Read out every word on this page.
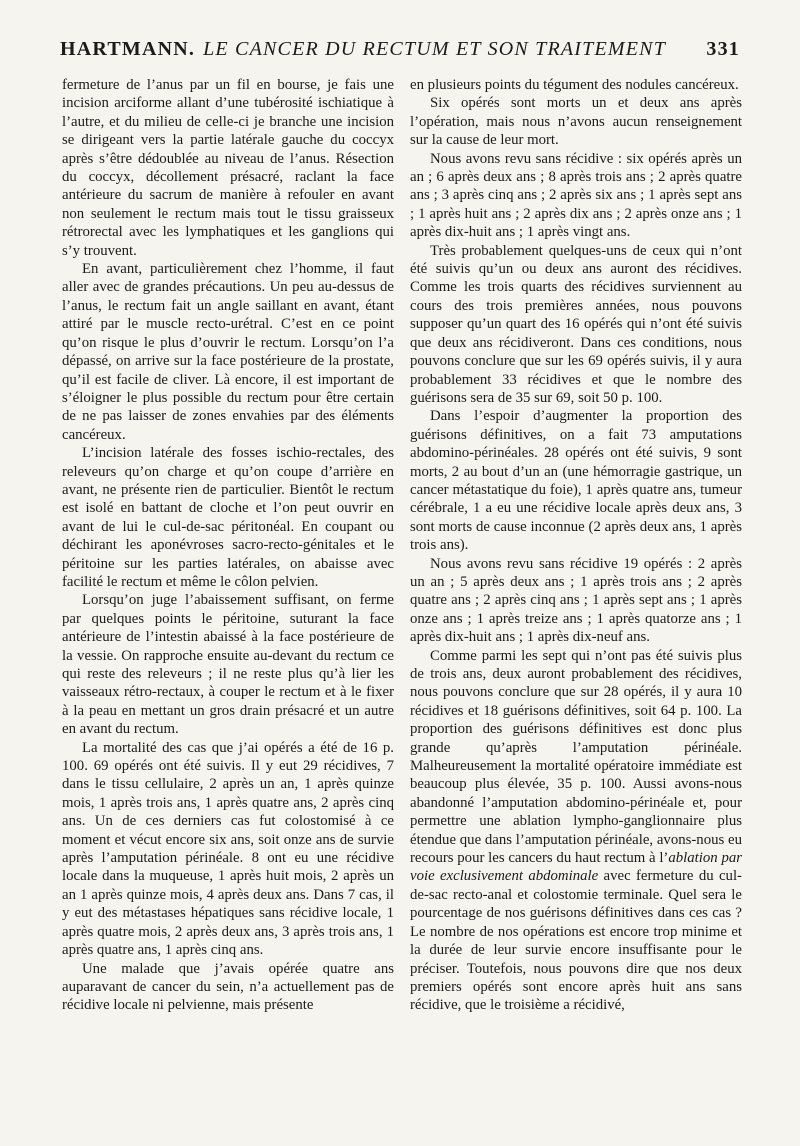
HARTMANN. LE CANCER DU RECTUM ET SON TRAITEMENT 331

fermeture de l’anus par un fil en bourse, je fais une incision arciforme allant d’une tubérosité ischiatique à l’autre, et du milieu de celle-ci je branche une incision se dirigeant vers la partie latérale gauche du coccyx après s’être dédoublée au niveau de l’anus. Résection du coccyx, décollement présacré, raclant la face antérieure du sacrum de manière à refouler en avant non seulement le rectum mais tout le tissu graisseux rétrorectal avec les lymphatiques et les ganglions qui s’y trouvent.

En avant, particulièrement chez l’homme, il faut aller avec de grandes précautions. Un peu au-dessus de l’anus, le rectum fait un angle saillant en avant, étant attiré par le muscle recto-urétral. C’est en ce point qu’on risque le plus d’ouvrir le rectum. Lorsqu’on l’a dépassé, on arrive sur la face postérieure de la prostate, qu’il est facile de cliver. Là encore, il est important de s’éloigner le plus possible du rectum pour être certain de ne pas laisser de zones envahies par des éléments cancéreux.

L’incision latérale des fosses ischio-rectales, des releveurs qu’on charge et qu’on coupe d’arrière en avant, ne présente rien de particulier. Bientôt le rectum est isolé en battant de cloche et l’on peut ouvrir en avant de lui le cul-de-sac péritonéal. En coupant ou déchirant les aponévroses sacro-recto-génitales et le péritoine sur les parties latérales, on abaisse avec facilité le rectum et même le côlon pelvien.

Lorsqu’on juge l’abaissement suffisant, on ferme par quelques points le péritoine, suturant la face antérieure de l’intestin abaissé à la face postérieure de la vessie. On rapproche ensuite au-devant du rectum ce qui reste des releveurs ; il ne reste plus qu’à lier les vaisseaux rétro-rectaux, à couper le rectum et à le fixer à la peau en mettant un gros drain présacré et un autre en avant du rectum.

La mortalité des cas que j’ai opérés a été de 16 p. 100. 69 opérés ont été suivis. Il y eut 29 récidives, 7 dans le tissu cellulaire, 2 après un an, 1 après quinze mois, 1 après trois ans, 1 après quatre ans, 2 après cinq ans. Un de ces derniers cas fut colostomisé à ce moment et vécut encore six ans, soit onze ans de survie après l’amputation périnéale. 8 ont eu une récidive locale dans la muqueuse, 1 après huit mois, 2 après un an 1 après quinze mois, 4 après deux ans. Dans 7 cas, il y eut des métastases hépatiques sans récidive locale, 1 après quatre mois, 2 après deux ans, 3 après trois ans, 1 après quatre ans, 1 après cinq ans.

Une malade que j’avais opérée quatre ans auparavant de cancer du sein, n’a actuellement pas de récidive locale ni pelvienne, mais présente

en plusieurs points du tégument des nodules cancéreux.

Six opérés sont morts un et deux ans après l’opération, mais nous n’avons aucun renseignement sur la cause de leur mort.

Nous avons revu sans récidive : six opérés après un an ; 6 après deux ans ; 8 après trois ans ; 2 après quatre ans ; 3 après cinq ans ; 2 après six ans ; 1 après sept ans ; 1 après huit ans ; 2 après dix ans ; 2 après onze ans ; 1 après dix-huit ans ; 1 après vingt ans.

Très probablement quelques-uns de ceux qui n’ont été suivis qu’un ou deux ans auront des récidives. Comme les trois quarts des récidives surviennent au cours des trois premières années, nous pouvons supposer qu’un quart des 16 opérés qui n’ont été suivis que deux ans récidiveront. Dans ces conditions, nous pouvons conclure que sur les 69 opérés suivis, il y aura probablement 33 récidives et que le nombre des guérisons sera de 35 sur 69, soit 50 p. 100.

Dans l’espoir d’augmenter la proportion des guérisons définitives, on a fait 73 amputations abdomino-périnéales. 28 opérés ont été suivis, 9 sont morts, 2 au bout d’un an (une hémorragie gastrique, un cancer métastatique du foie), 1 après quatre ans, tumeur cérébrale, 1 a eu une récidive locale après deux ans, 3 sont morts de cause inconnue (2 après deux ans, 1 après trois ans).

Nous avons revu sans récidive 19 opérés : 2 après un an ; 5 après deux ans ; 1 après trois ans ; 2 après quatre ans ; 2 après cinq ans ; 1 après sept ans ; 1 après onze ans ; 1 après treize ans ; 1 après quatorze ans ; 1 après dix-huit ans ; 1 après dix-neuf ans.

Comme parmi les sept qui n’ont pas été suivis plus de trois ans, deux auront probablement des récidives, nous pouvons conclure que sur 28 opérés, il y aura 10 récidives et 18 guérisons définitives, soit 64 p. 100. La proportion des guérisons définitives est donc plus grande qu’après l’amputation périnéale. Malheureusement la mortalité opératoire immédiate est beaucoup plus élevée, 35 p. 100. Aussi avons-nous abandonné l’amputation abdomino-périnéale et, pour permettre une ablation lympho-ganglionnaire plus étendue que dans l’amputation périnéale, avons-nous eu recours pour les cancers du haut rectum à l’ablation par voie exclusivement abdominale avec fermeture du cul-de-sac recto-anal et colostomie terminale. Quel sera le pourcentage de nos guérisons définitives dans ces cas ? Le nombre de nos opérations est encore trop minime et la durée de leur survie encore insuffisante pour le préciser. Toutefois, nous pouvons dire que nos deux premiers opérés sont encore après huit ans sans récidive, que le troisième a récidivé,
